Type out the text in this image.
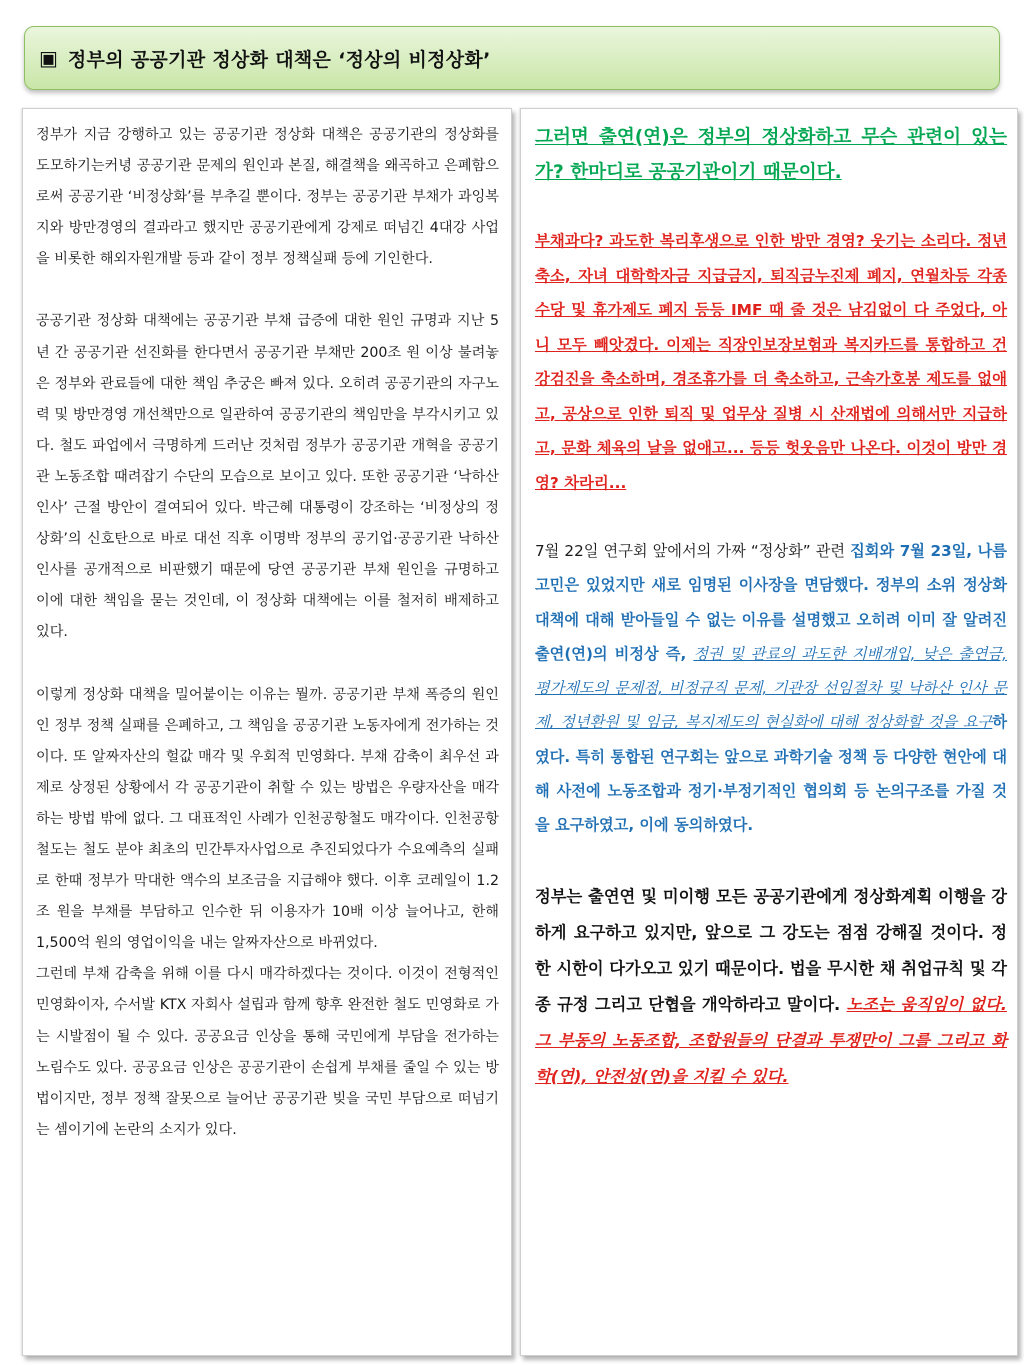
▣ 정부의 공공기관 정상화 대책은 ‘정상의 비정상화’

정부가 지금 강행하고 있는 공공기관 정상화 대책은 공공기관의 정상화를 도모하기는커녕 공공기관 문제의 원인과 본질, 해결책을 왜곡하고 은폐함으로써 공공기관 ‘비정상화’를 부추길 뿐이다. 정부는 공공기관 부채가 과잉복지와 방만경영의 결과라고 했지만 공공기관에게 강제로 떠넘긴 4대강 사업을 비롯한 해외자원개발 등과 같이 정부 정책실패 등에 기인한다.

공공기관 정상화 대책에는 공공기관 부채 급증에 대한 원인 규명과 지난 5년 간 공공기관 선진화를 한다면서 공공기관 부채만 200조 원 이상 불려놓은 정부와 관료들에 대한 책임 추궁은 빠져 있다. 오히려 공공기관의 자구노력 및 방만경영 개선책만으로 일관하여 공공기관의 책임만을 부각시키고 있다. 철도 파업에서 극명하게 드러난 것처럼 정부가 공공기관 개혁을 공공기관 노동조합 때려잡기 수단의 모습으로 보이고 있다. 또한 공공기관 ‘낙하산 인사’ 근절 방안이 결여되어 있다. 박근혜 대통령이 강조하는 ‘비정상의 정상화’의 신호탄으로 바로 대선 직후 이명박 정부의 공기업·공공기관 낙하산 인사를 공개적으로 비판했기 때문에 당연 공공기관 부채 원인을 규명하고 이에 대한 책임을 묻는 것인데, 이 정상화 대책에는 이를 철저히 배제하고 있다.

이렇게 정상화 대책을 밀어붙이는 이유는 뭘까. 공공기관 부채 폭증의 원인인 정부 정책 실패를 은폐하고, 그 책임을 공공기관 노동자에게 전가하는 것이다. 또 알짜자산의 헐값 매각 및 우회적 민영화다. 부채 감축이 최우선 과제로 상정된 상황에서 각 공공기관이 취할 수 있는 방법은 우량자산을 매각하는 방법 밖에 없다. 그 대표적인 사례가 인천공항철도 매각이다. 인천공항철도는 철도 분야 최초의 민간투자사업으로 추진되었다가 수요예측의 실패로 한때 정부가 막대한 액수의 보조금을 지급해야 했다. 이후 코레일이 1.2조 원을 부채를 부담하고 인수한 뒤 이용자가 10배 이상 늘어나고, 한해 1,500억 원의 영업이익을 내는 알짜자산으로 바뀌었다.

그런데 부채 감축을 위해 이를 다시 매각하겠다는 것이다. 이것이 전형적인 민영화이자, 수서발 KTX 자회사 설립과 함께 향후 완전한 철도 민영화로 가는 시발점이 될 수 있다. 공공요금 인상을 통해 국민에게 부담을 전가하는 노림수도 있다. 공공요금 인상은 공공기관이 손쉽게 부채를 줄일 수 있는 방법이지만, 정부 정책 잘못으로 늘어난 공공기관 빚을 국민 부담으로 떠넘기는 셈이기에 논란의 소지가 있다.

그러면 출연(연)은 정부의 정상화하고 무슨 관련이 있는가? 한마디로 공공기관이기 때문이다.

부채과다? 과도한 복리후생으로 인한 방만 경영? 웃기는 소리다. 정년 축소, 자녀 대학학자금 지급금지, 퇴직금누진제 폐지, 연월차등 각종 수당 및 휴가제도 폐지 등등 IMF 때 줄 것은 남김없이 다 주었다, 아니 모두 빼앗겼다. 이제는 직장인보장보험과 복지카드를 통합하고 건강검진을 축소하며, 경조휴가를 더 축소하고, 근속가호봉 제도를 없애고, 공상으로 인한 퇴직 및 업무상 질병 시 산재법에 의해서만 지급하고, 문화 체육의 날을 없애고... 등등 헛웃음만 나온다. 이것이 방만 경영? 차라리...

7월 22일 연구회 앞에서의 가짜 “정상화” 관련 집회와 7월 23일, 나름 고민은 있었지만 새로 임명된 이사장을 면담했다. 정부의 소위 정상화 대책에 대해 받아들일 수 없는 이유를 설명했고 오히려 이미 잘 알려진 출연(연)의 비정상 즉, 정권 및 관료의 과도한 지배개입, 낮은 출연금, 평가제도의 문제점, 비정규직 문제, 기관장 선임절차 및 낙하산 인사 문제, 정년환원 및 임금, 복지제도의 현실화에 대해 정상화할 것을 요구하였다. 특히 통합된 연구회는 앞으로 과학기술 정책 등 다양한 현안에 대해 사전에 노동조합과 정기·부정기적인 협의회 등 논의구조를 가질 것을 요구하였고, 이에 동의하였다.

정부는 출연연 및 미이행 모든 공공기관에게 정상화계획 이행을 강하게 요구하고 있지만, 앞으로 그 강도는 점점 강해질 것이다. 정한 시한이 다가오고 있기 때문이다. 법을 무시한 채 취업규칙 및 각종 규정 그리고 단협을 개악하라고 말이다. 노조는 움직임이 없다. 그 부동의 노동조합, 조합원들의 단결과 투쟁만이 그를 그리고 화학(연), 안전성(연)을 지킬 수 있다.
